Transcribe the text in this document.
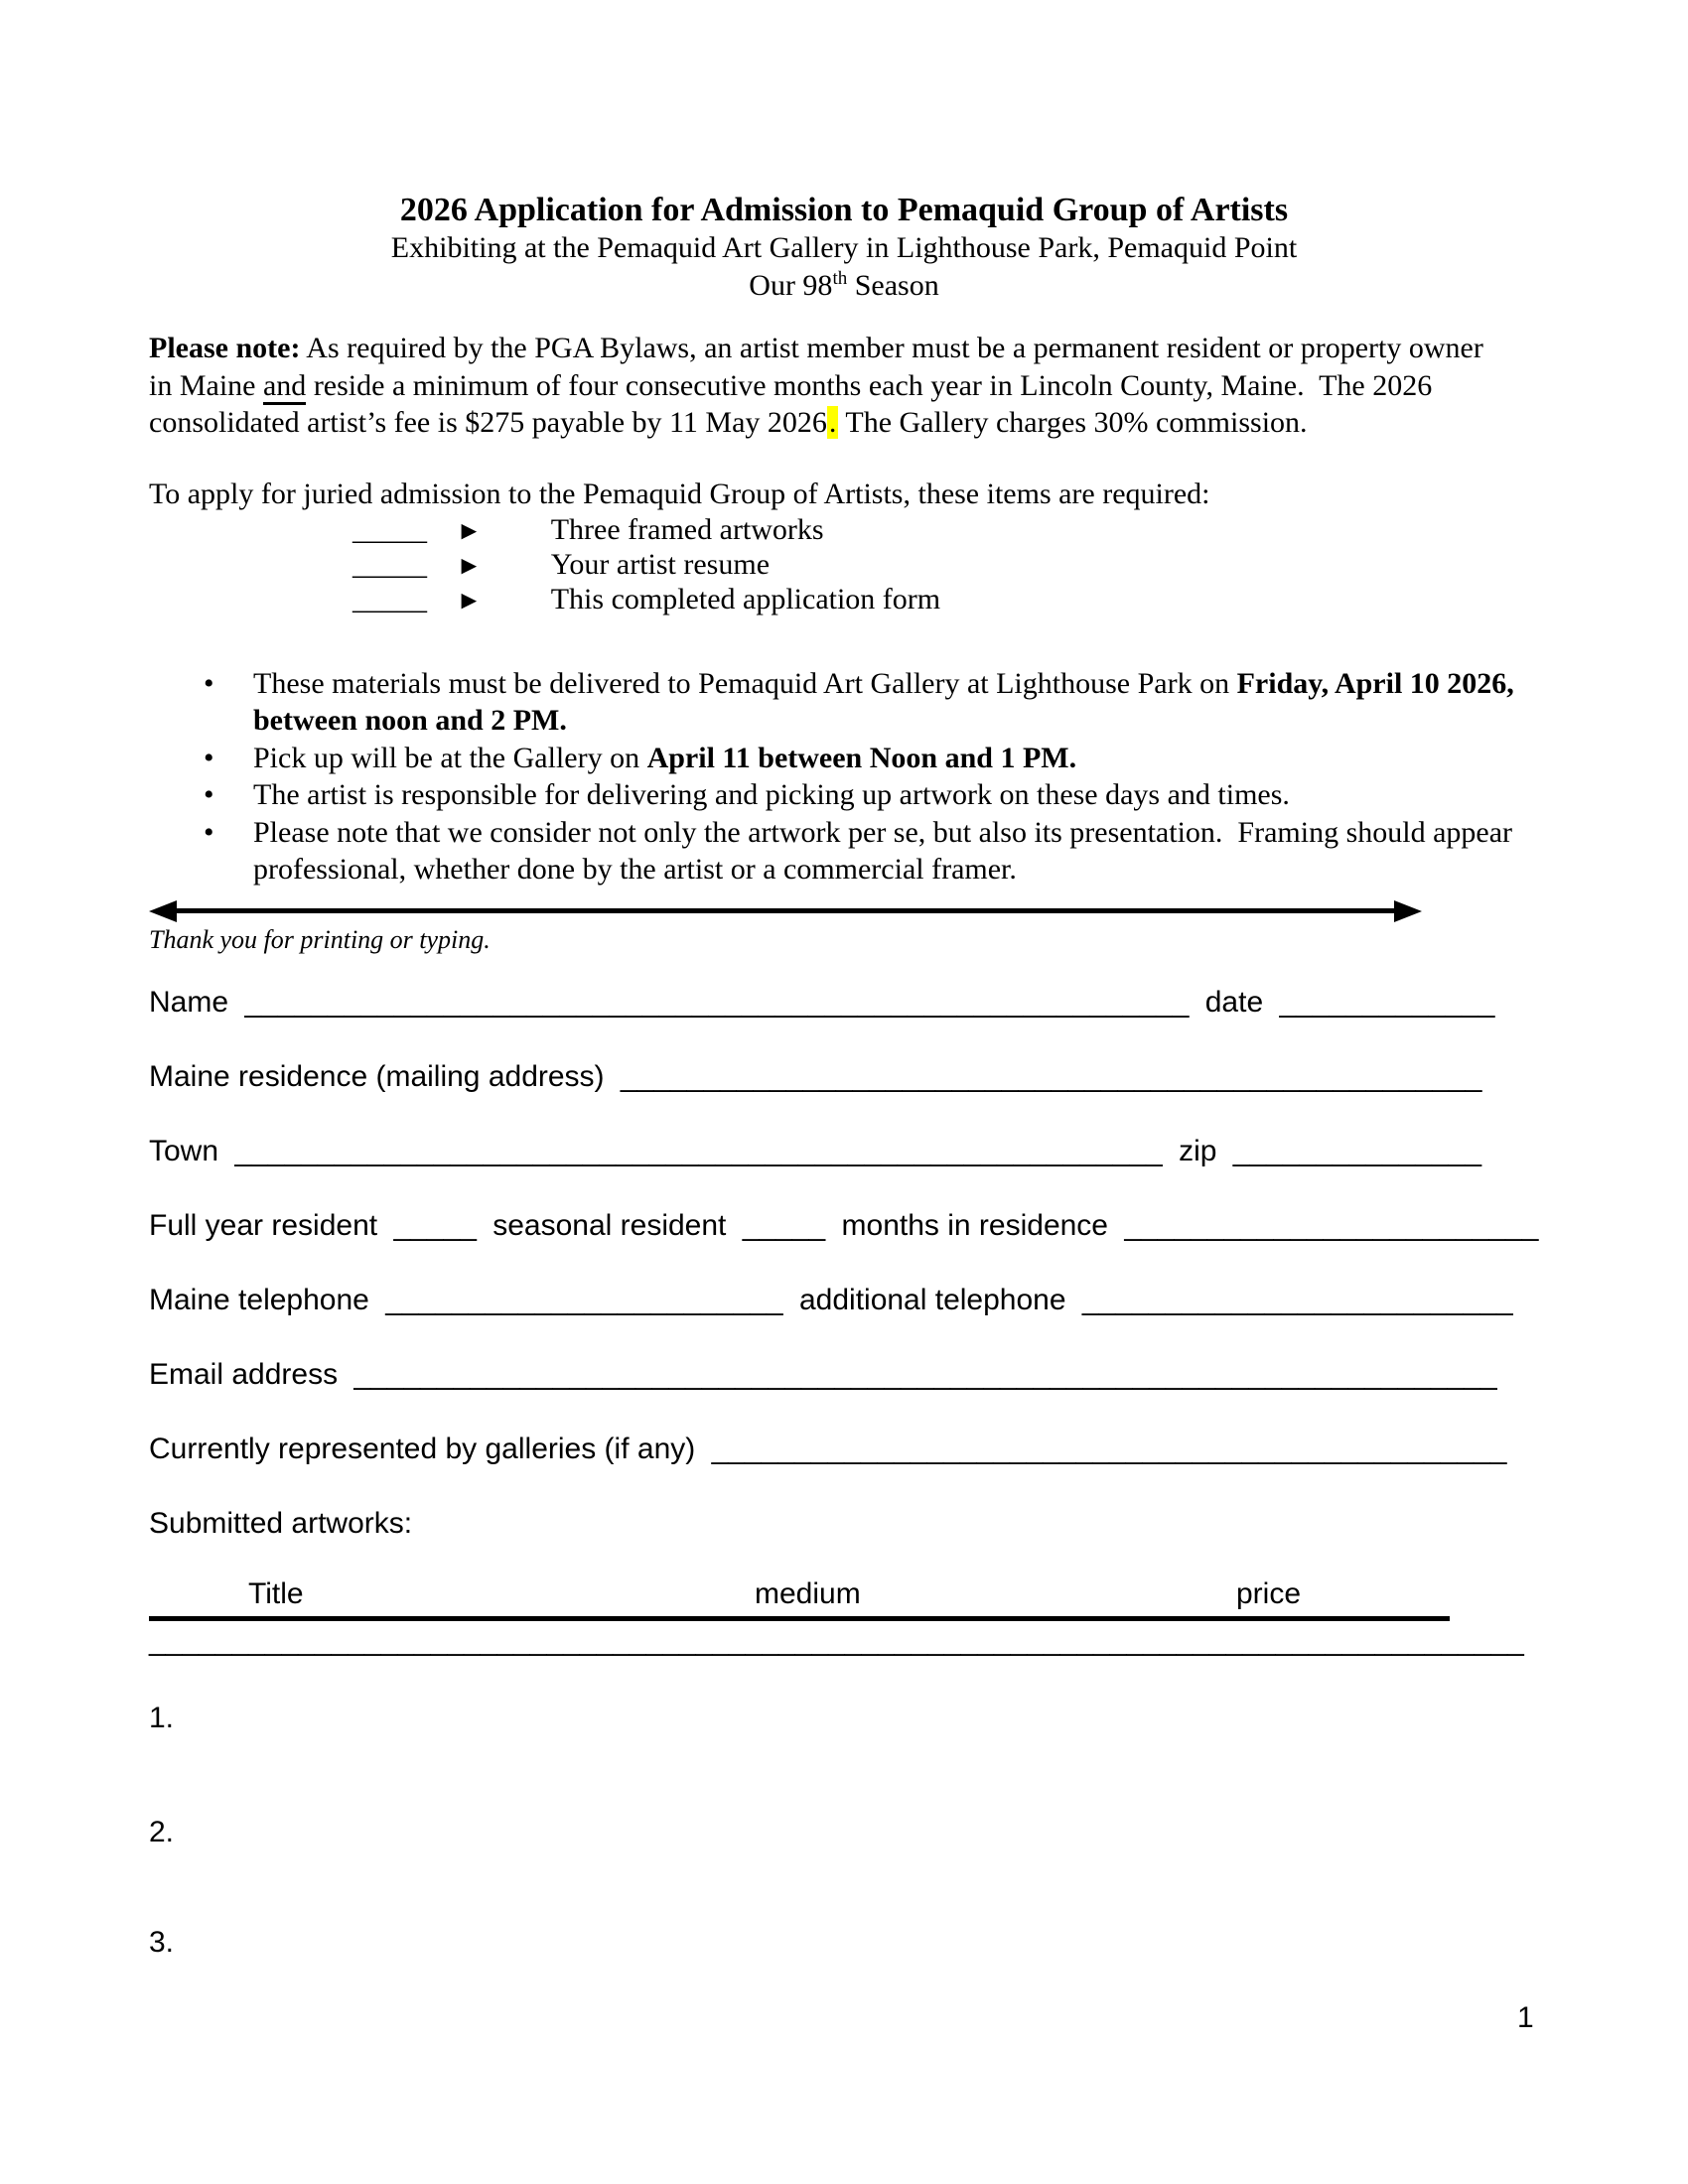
2026 Application for Admission to Pemaquid Group of Artists
Exhibiting at the Pemaquid Art Gallery in Lighthouse Park, Pemaquid Point
Our 98th Season
Please note: As required by the PGA Bylaws, an artist member must be a permanent resident or property owner
in Maine and reside a minimum of four consecutive months each year in Lincoln County, Maine.  The 2026
consolidated artist’s fee is $275 payable by 11 May 2026. The Gallery charges 30% commission.
To apply for juried admission to the Pemaquid Group of Artists, these items are required:
_____ ► Three framed artworks
_____ ► Your artist resume
_____ ► This completed application form
• These materials must be delivered to Pemaquid Art Gallery at Lighthouse Park on Friday, April 10 2026,
between noon and 2 PM.
• Pick up will be at the Gallery on April 11 between Noon and 1 PM.
• The artist is responsible for delivering and picking up artwork on these days and times.
• Please note that we consider not only the artwork per se, but also its presentation.  Framing should appear
professional, whether done by the artist or a commercial framer.
Thank you for printing or typing.
Name _________________________________________________________ date _____________
Maine residence (mailing address) ____________________________________________________
Town ________________________________________________________ zip _______________
Full year resident _____ seasonal resident _____ months in residence _________________________
Maine telephone ________________________ additional telephone __________________________
Email address _____________________________________________________________________
Currently represented by galleries (if any) ________________________________________________
Submitted artworks:
Title	medium	price
___________________________________________________________________________________
1.
2.
3.
1
